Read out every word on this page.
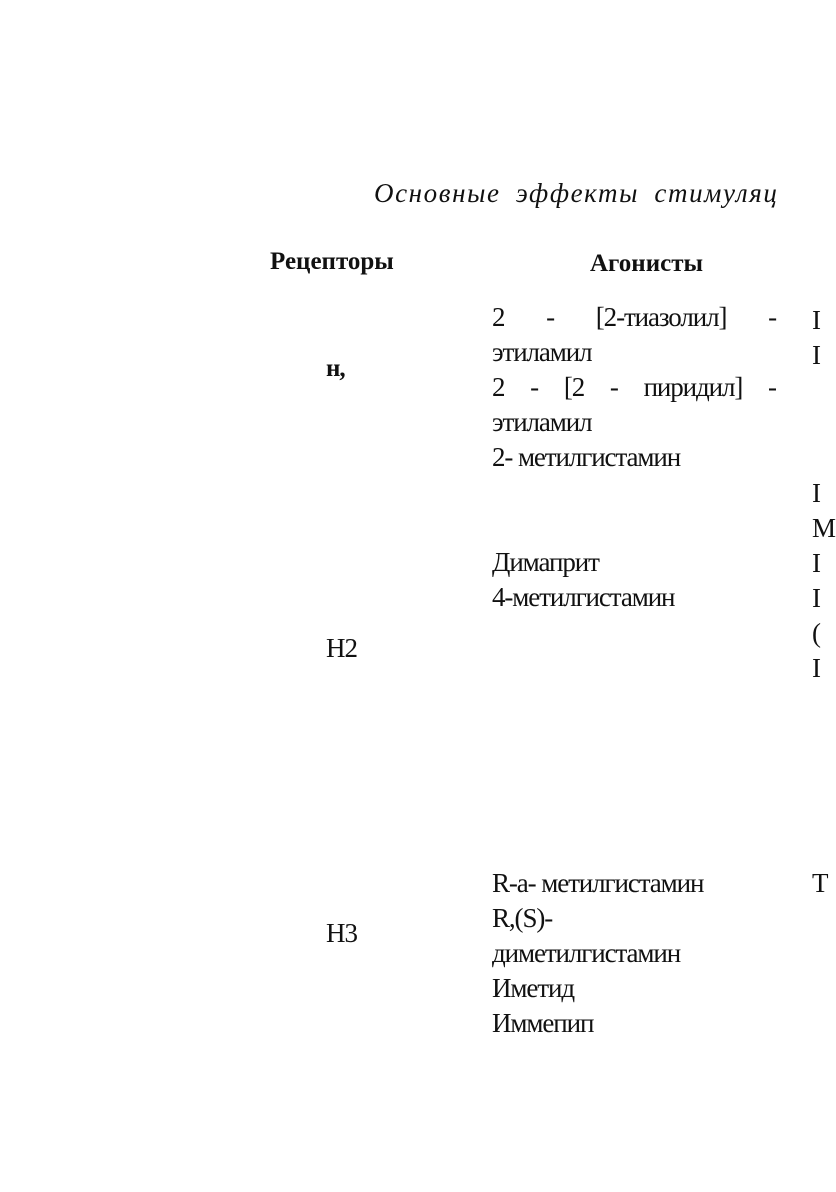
Основные эффекты стимуляц
Рецепторы	Агонисты
н,
2 - [2-тиазолил] -
этиламил
2 - [2 - пиридил] -
этиламил
2- метилгистамин
I
I
Н2
Димаприт
4-метилгистамин
I
M
I
I
(
I
Н3
R-a- метилгистамин
R,(S)-
диметилгистамин
Иметид
Иммепип
T
